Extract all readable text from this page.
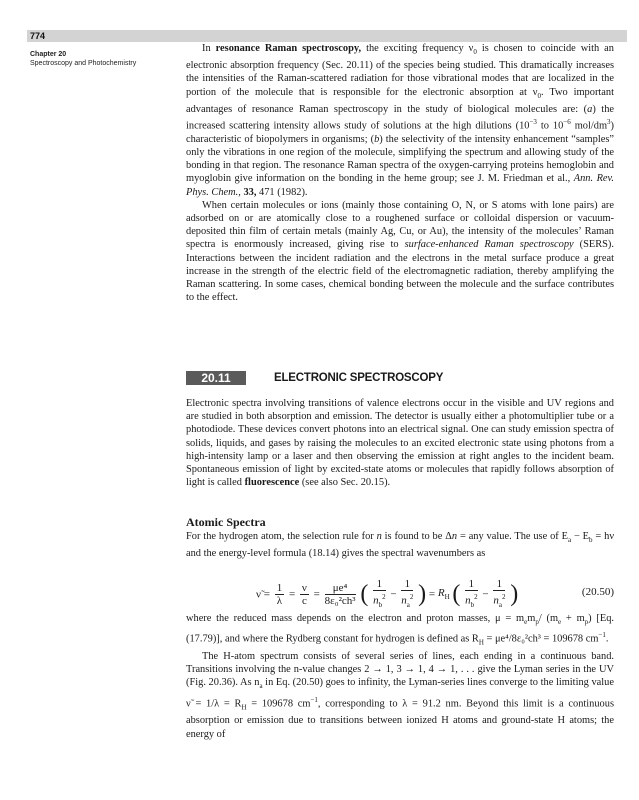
774
Chapter 20
Spectroscopy and Photochemistry

In resonance Raman spectroscopy, the exciting frequency $\nu_0$ is chosen to coincide with an electronic absorption frequency (Sec. 20.11) of the species being studied. This dramatically increases the intensities of the Raman-scattered radiation for those vibrational modes that are localized in the portion of the molecule that is responsible for the electronic absorption at $\nu_0$. Two important advantages of resonance Raman spectroscopy in the study of biological molecules are: (a) the increased scattering intensity allows study of solutions at the high dilutions ($10^{-3}$ to $10^{-6}$ mol/$dm^3$) characteristic of biopolymers in organisms; (b) the selectivity of the intensity enhancement “samples” only the vibrations in one region of the molecule, simplifying the spectrum and allowing study of the bonding in that region. The resonance Raman spectra of the oxygen-carrying proteins hemoglobin and myoglobin give information on the bonding in the heme group; see J. M. Friedman et al., Ann. Rev. Phys. Chem., 33, 471 (1982).

When certain molecules or ions (mainly those containing O, N, or S atoms with lone pairs) are adsorbed on or are atomically close to a roughened surface or colloidal dispersion or vacuum-deposited thin film of certain metals (mainly Ag, Cu, or Au), the intensity of the molecules’ Raman spectra is enormously increased, giving rise to surface-enhanced Raman spectroscopy (SERS). Interactions between the incident radiation and the electrons in the metal surface produce a great increase in the strength of the electric field of the electromagnetic radiation, thereby amplifying the Raman scattering. In some cases, chemical bonding between the molecule and the surface contributes to the effect.

20.11	ELECTRONIC SPECTROSCOPY

Electronic spectra involving transitions of valence electrons occur in the visible and UV regions and are studied in both absorption and emission. The detector is usually either a photomultiplier tube or a photodiode. These devices convert photons into an electrical signal. One can study emission spectra of solids, liquids, and gases by raising the molecules to an excited electronic state using photons from a high-intensity lamp or a laser and then observing the emission at right angles to the incident beam. Spontaneous emission of light by excited-state atoms or molecules that rapidly follows absorption of light is called fluorescence (see also Sec. 20.15).

Atomic Spectra
For the hydrogen atom, the selection rule for n is found to be Δn = any value. The use of $E_a - E_b = h\nu$ and the energy-level formula (18.14) gives the spectral wavenumbers as
ν̃ = $\frac{1}{\lambda} = \frac{\nu}{c} = \frac{\text{μe⁴}}{\text{8ε₀²ch³}}$ ( $\frac{1}{n_b^2} - \frac{1}{n_a^2}$ ) = $R_H$ ( $\frac{1}{n_b^2} - \frac{1}{n_a^2}$ )	(20.50)

where the reduced mass depends on the electron and proton masses, $\mu = m_em_p/$ $(m_e + m_p)$ [Eq. (17.79)], and where the Rydberg constant for hydrogen is defined as $R_H = \mu e^4/8\varepsilon_0^2ch^3 = 109678$ $cm^{-1}$.

The H-atom spectrum consists of several series of lines, each ending in a continuous band. Transitions involving the n-value changes 2 → 1, 3 → 1, 4 → 1, . . . give the Lyman series in the UV (Fig. 20.36). As $n_a$ in Eq. (20.50) goes to infinity, the Lyman-series lines converge to the limiting value ν̃ = $1/\lambda = R_H = 109678$ $cm^{-1}$, corresponding to λ = 91.2 nm. Beyond this limit is a continuous absorption or emission due to transitions between ionized H atoms and ground-state H atoms; the energy of
